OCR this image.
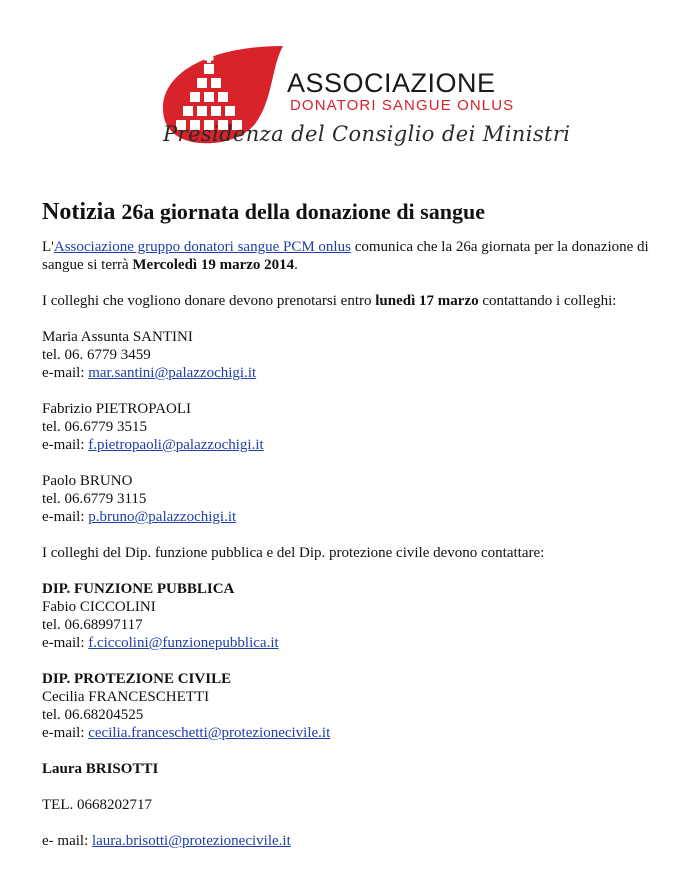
ASSOCIAZIONE
DONATORI SANGUE ONLUS
Presidenza del Consiglio dei Ministri
Notizia 26a giornata della donazione di sangue

L'Associazione gruppo donatori sangue PCM onlus comunica che la 26a giornata per la donazione di sangue si terrà Mercoledì 19 marzo 2014.

I colleghi che vogliono donare devono prenotarsi entro lunedì 17 marzo contattando i colleghi:

Maria Assunta SANTINI

tel. 06. 6779 3459

e-mail: mar.santini@palazzochigi.it

Fabrizio PIETROPAOLI

tel. 06.6779 3515

e-mail: f.pietropaoli@palazzochigi.it

Paolo BRUNO

tel. 06.6779 3115

e-mail: p.bruno@palazzochigi.it

I colleghi del Dip. funzione pubblica e del Dip. protezione civile devono contattare:

DIP. FUNZIONE PUBBLICA

Fabio CICCOLINI

tel. 06.68997117

e-mail: f.ciccolini@funzionepubblica.it

DIP. PROTEZIONE CIVILE

Cecilia FRANCESCHETTI

tel. 06.68204525

e-mail: cecilia.franceschetti@protezionecivile.it

Laura BRISOTTI

TEL. 0668202717

e- mail: laura.brisotti@protezionecivile.it
